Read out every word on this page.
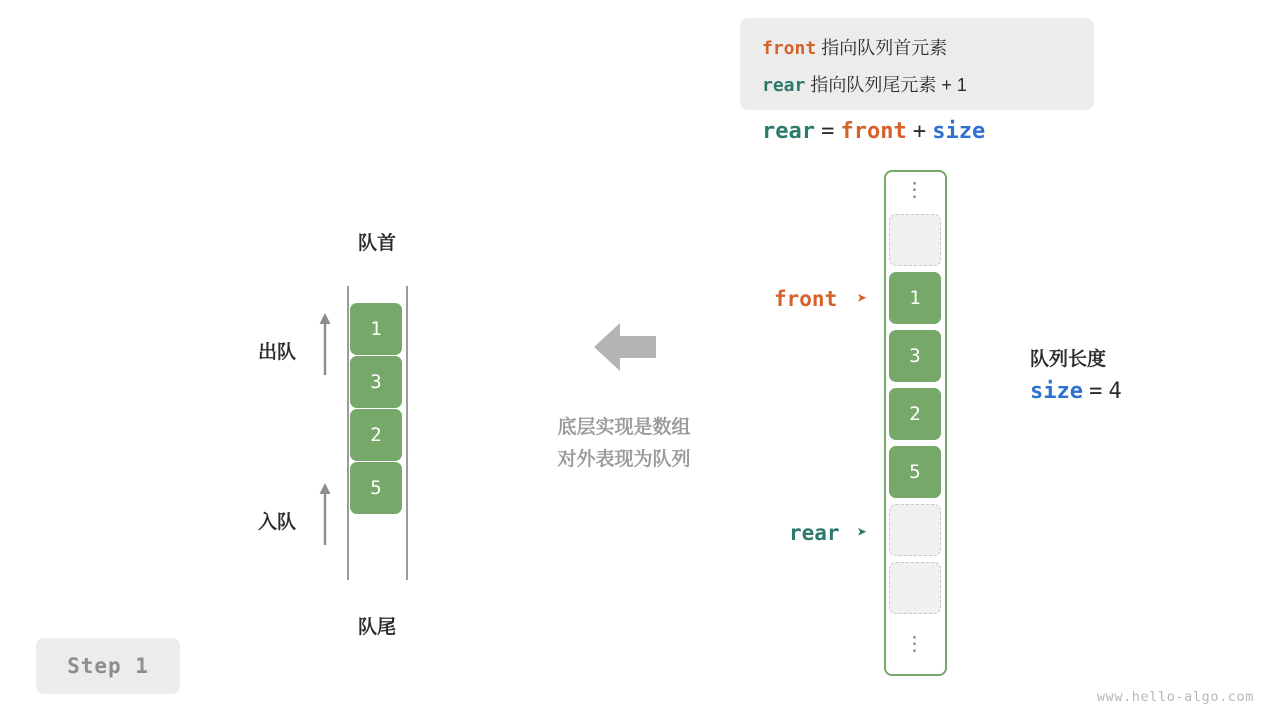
Step 1
www.hello-algo.com
队首
队尾
1
3
2
5
出队
入队
底层实现是数组
对外表现为队列
front 指向队列首元素
rear 指向队列尾元素 + 1
rear = front + size
⋮
⋮
1
3
2
5
front ➤
rear ➤
队列长度
size = 4
